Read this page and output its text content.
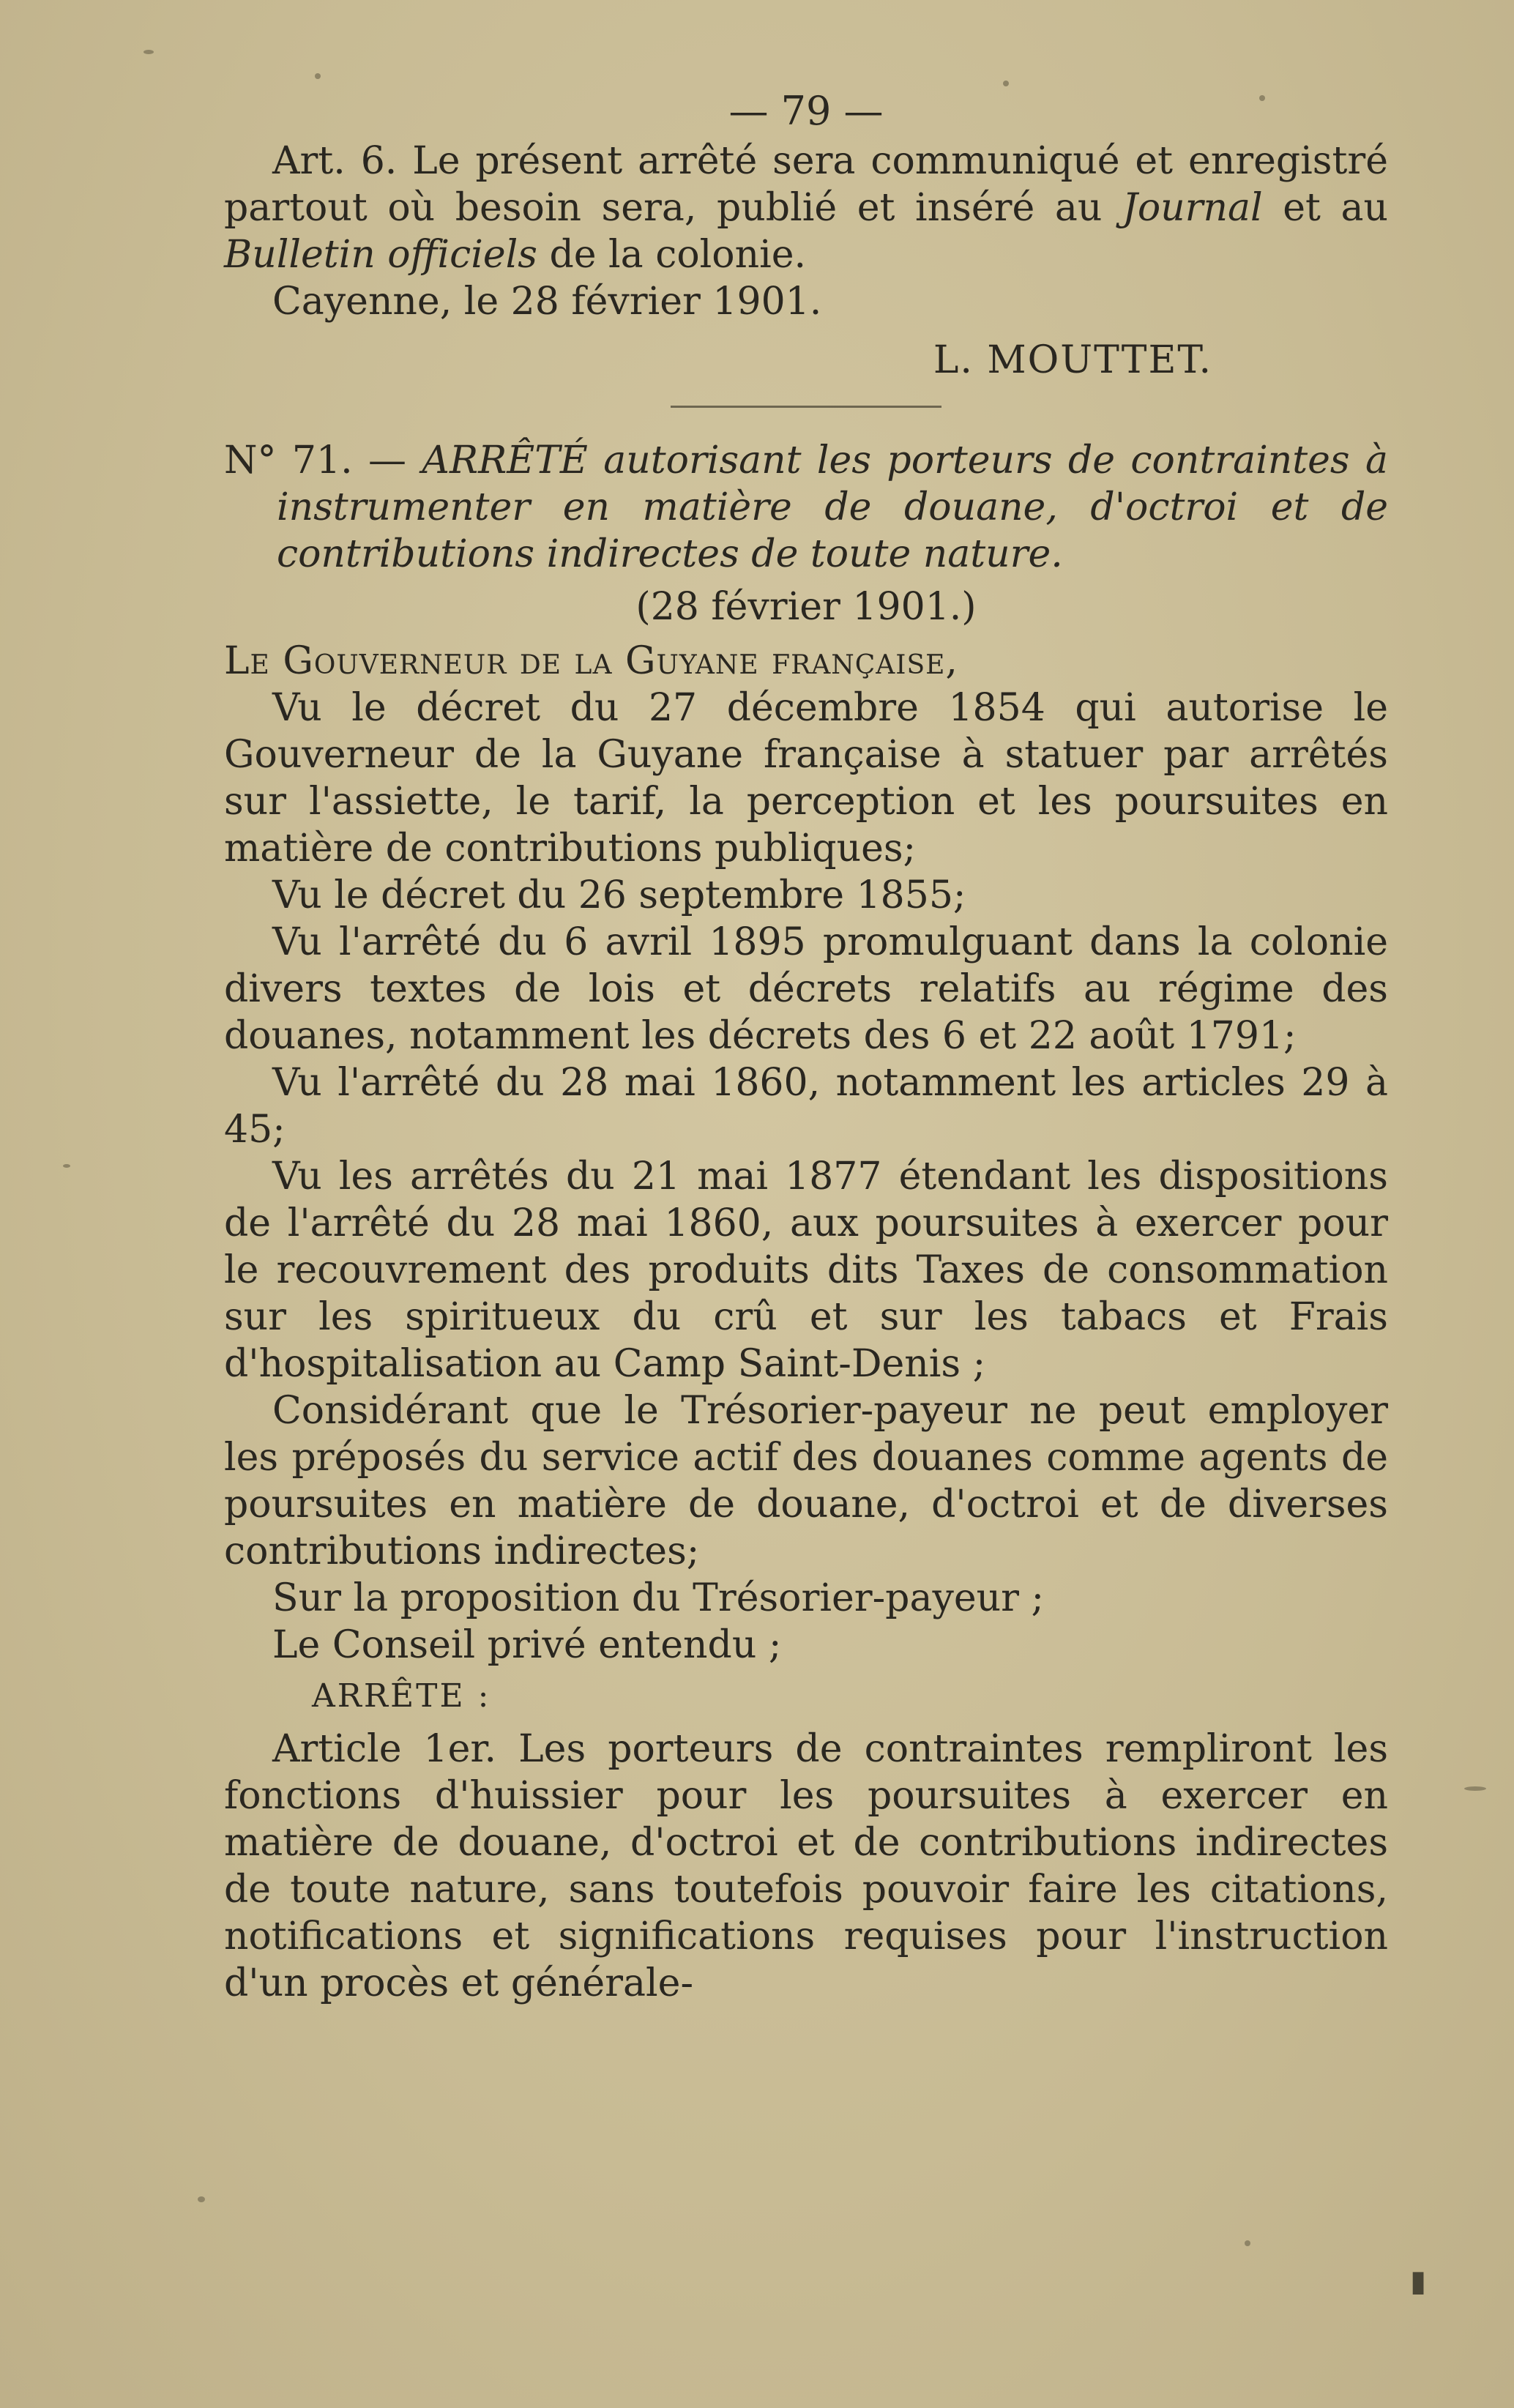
— 79 —

Art. 6. Le présent arrêté sera communiqué et enregistré partout où besoin sera, publié et inséré au Journal et au Bulletin officiels de la colonie.

Cayenne, le 28 février 1901.

L. MOUTTET.

N° 71. — ARRÊTÉ autorisant les porteurs de contraintes à instrumenter en matière de douane, d'octroi et de contributions indirectes de toute nature.

(28 février 1901.)

Le Gouverneur de la Guyane française,

Vu le décret du 27 décembre 1854 qui autorise le Gouverneur de la Guyane française à statuer par arrêtés sur l'assiette, le tarif, la perception et les poursuites en matière de contributions publiques;

Vu le décret du 26 septembre 1855;

Vu l'arrêté du 6 avril 1895 promulguant dans la colonie divers textes de lois et décrets relatifs au régime des douanes, notamment les décrets des 6 et 22 août 1791;

Vu l'arrêté du 28 mai 1860, notamment les articles 29 à 45;

Vu les arrêtés du 21 mai 1877 étendant les dispositions de l'arrêté du 28 mai 1860, aux poursuites à exercer pour le recouvrement des produits dits Taxes de consommation sur les spiritueux du crû et sur les tabacs et Frais d'hospitalisation au Camp Saint-Denis ;

Considérant que le Trésorier-payeur ne peut employer les préposés du service actif des douanes comme agents de poursuites en matière de douane, d'octroi et de diverses contributions indirectes;

Sur la proposition du Trésorier-payeur ;

Le Conseil privé entendu ;

ARRÊTE :

Article 1er. Les porteurs de contraintes rempliront les fonctions d'huissier pour les poursuites à exercer en matière de douane, d'octroi et de contributions indirectes de toute nature, sans toutefois pouvoir faire les citations, notifications et significations requises pour l'instruction d'un procès et générale-

▮
